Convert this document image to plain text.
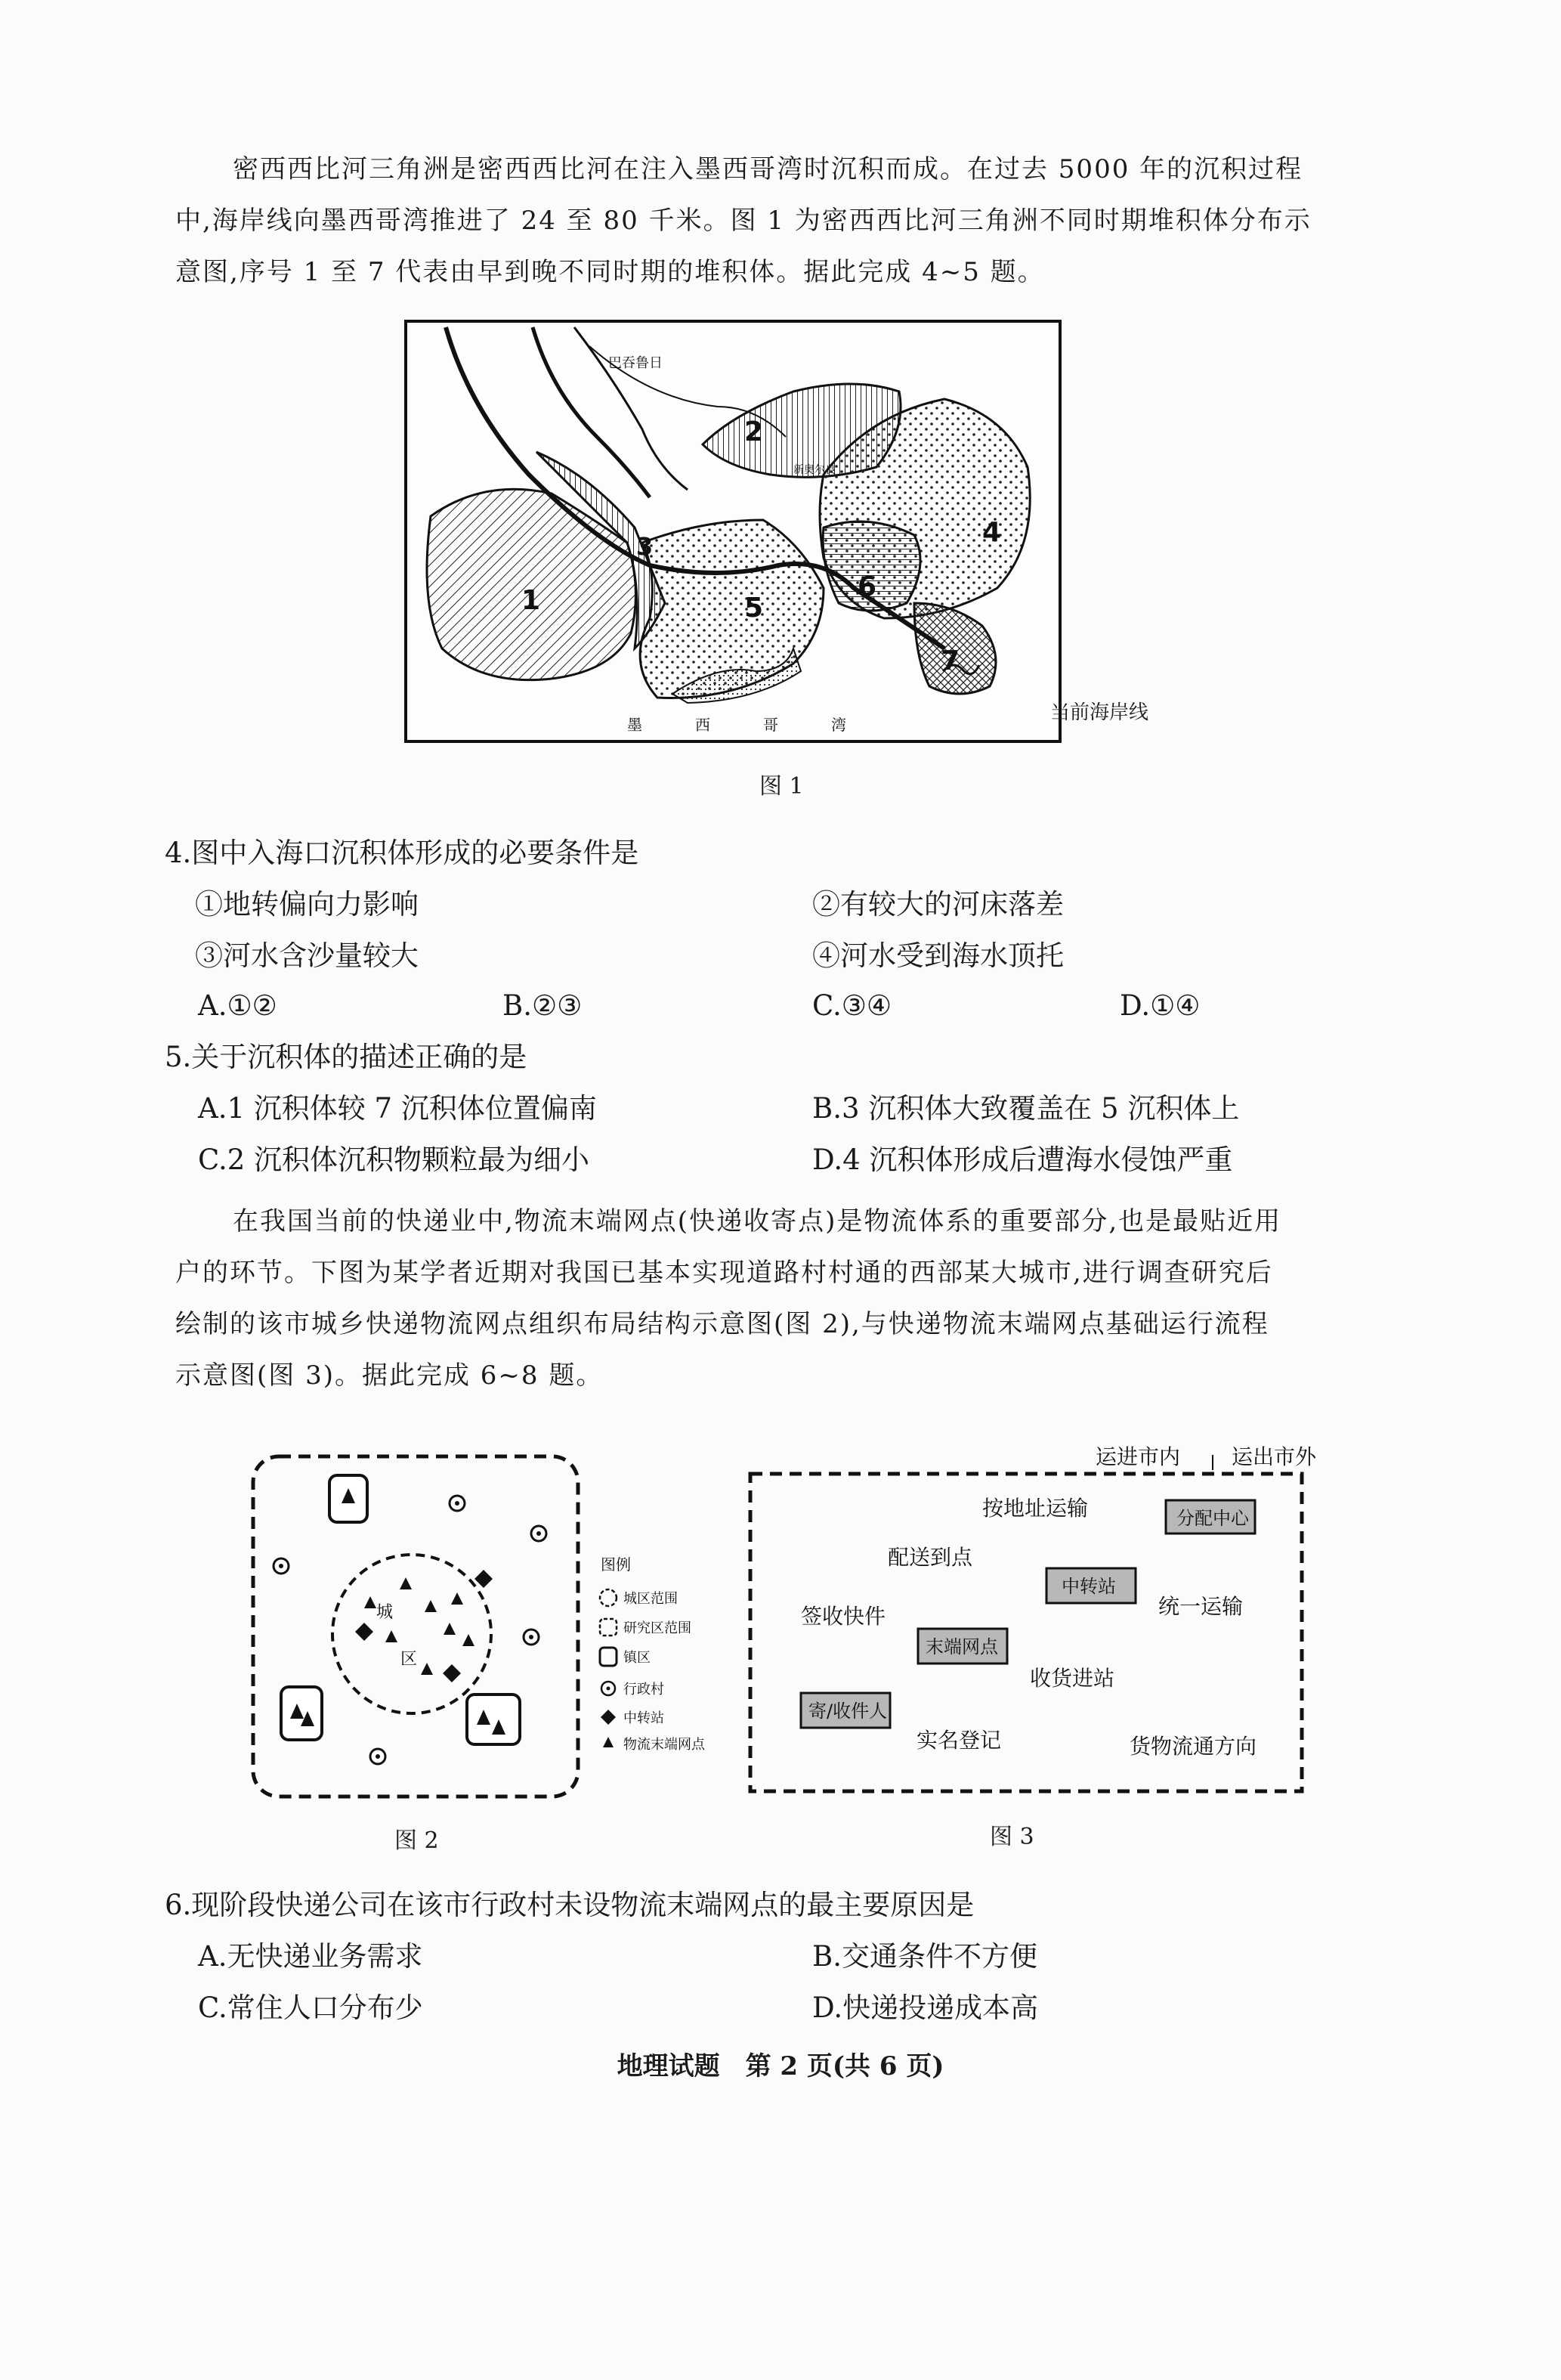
密西西比河三角洲是密西西比河在注入墨西哥湾时沉积而成。在过去 5000 年的沉积过程
中,海岸线向墨西哥湾推进了 24 至 80 千米。图 1 为密西西比河三角洲不同时期堆积体分布示
意图,序号 1 至 7 代表由早到晚不同时期的堆积体。据此完成 4~5 题。
巴吞鲁日
新奥尔良
1
2
3	4
5
6
7
墨	西	哥	湾
当前海岸线
图 1
4.图中入海口沉积体形成的必要条件是
①地转偏向力影响	②有较大的河床落差
③河水含沙量较大	④河水受到海水顶托
A.①②	B.②③	C.③④	D.①④
5.关于沉积体的描述正确的是
A.1 沉积体较 7 沉积体位置偏南	B.3 沉积体大致覆盖在 5 沉积体上
C.2 沉积体沉积物颗粒最为细小	D.4 沉积体形成后遭海水侵蚀严重
在我国当前的快递业中,物流末端网点(快递收寄点)是物流体系的重要部分,也是最贴近用
户的环节。下图为某学者近期对我国已基本实现道路村村通的西部某大城市,进行调查研究后
绘制的该市城乡快递物流网点组织布局结构示意图(图 2),与快递物流末端网点基础运行流程
示意图(图 3)。据此完成 6~8 题。
城
区
图例
城区范围
研究区范围
镇区
行政村
中转站
物流末端网点
图 2
运进市内 运出市外
按地址运输	分配中心
配送到点
中转站
统一运输
签收快件
末端网点
收货进站
寄/收件人
实名登记	货物流通方向
图 3
6.现阶段快递公司在该市行政村未设物流末端网点的最主要原因是
A.无快递业务需求	B.交通条件不方便
C.常住人口分布少	D.快递投递成本高
地理试题　第 2 页(共 6 页)
